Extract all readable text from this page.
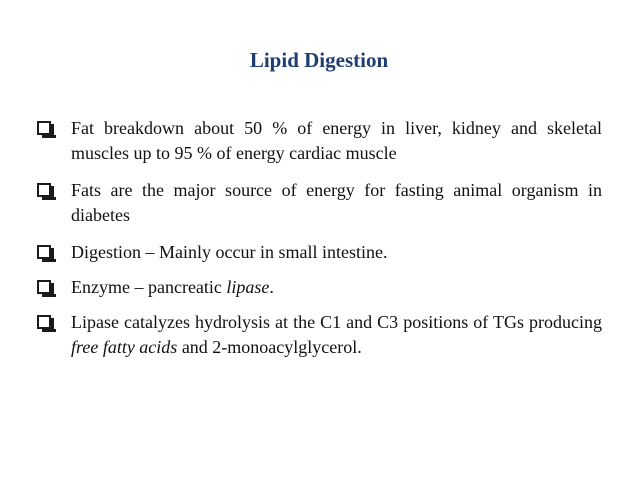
Lipid Digestion
Fat breakdown about 50 % of energy in liver, kidney and skeletal muscles up to 95 % of energy cardiac muscle
Fats are the major source of energy for fasting animal organism in diabetes
Digestion – Mainly occur in small intestine.
Enzyme – pancreatic lipase.
Lipase catalyzes hydrolysis at the C1 and C3 positions of TGs producing free fatty acids and 2-monoacylglycerol.
